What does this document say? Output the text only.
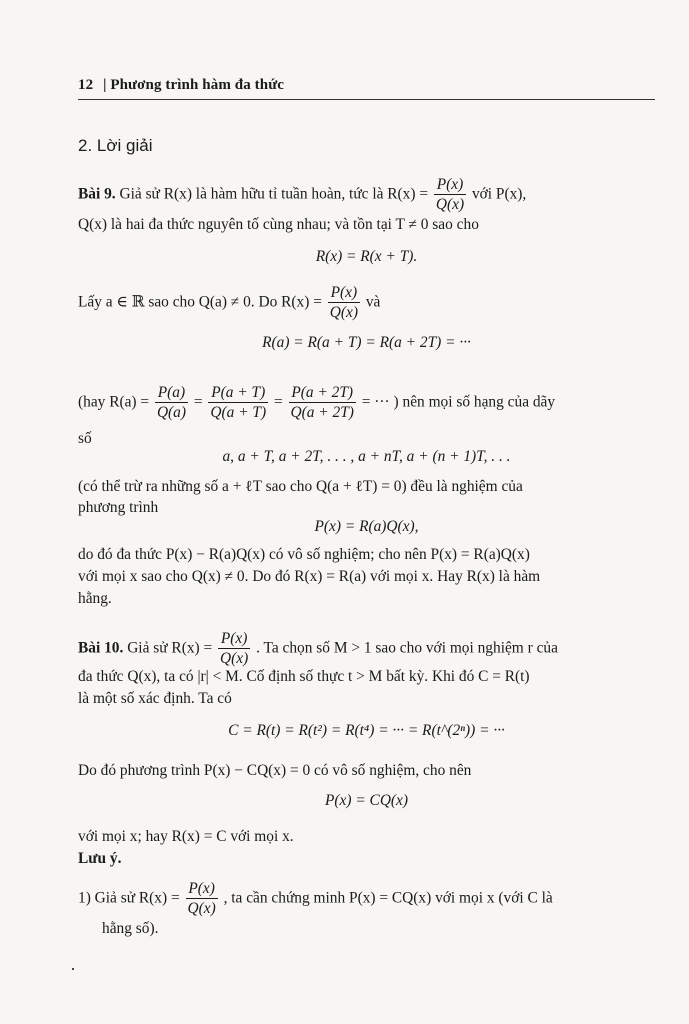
12 | Phương trình hàm đa thức
2. Lời giải
Bài 9. Giả sử R(x) là hàm hữu tỉ tuần hoàn, tức là $R(x) = \frac{P(x)}{Q(x)}$ với P(x),
Q(x) là hai đa thức nguyên tố cùng nhau; và tồn tại T ≠ 0 sao cho
R(x) = R(x + T).
Lấy a ∈ ℝ sao cho Q(a) ≠ 0. Do $R(x) = \frac{P(x)}{Q(x)}$ và
R(a) = R(a + T) = R(a + 2T) = ···
(hay $R(a) = \frac{P(a)}{Q(a)} = \frac{P(a + T)}{Q(a + T)} = \frac{P(a + 2T)}{Q(a + 2T)}$ = ··· ) nên mọi số hạng của dãy
số
a, a + T, a + 2T, . . . , a + nT, a + (n + 1)T, . . .
(có thể trừ ra những số a + ℓT sao cho Q(a + ℓT) = 0) đều là nghiệm của
phương trình
P(x) = R(a)Q(x),
do đó đa thức P(x) − R(a)Q(x) có vô số nghiệm; cho nên P(x) = R(a)Q(x)
với mọi x sao cho Q(x) ≠ 0. Do đó R(x) = R(a) với mọi x. Hay R(x) là hàm
hằng.
Bài 10. Giả sử $R(x) = \frac{P(x)}{Q(x)}$ . Ta chọn số M > 1 sao cho với mọi nghiệm r của
đa thức Q(x), ta có |r| < M. Cố định số thực t > M bất kỳ. Khi đó C = R(t)
là một số xác định. Ta có
C = R(t) = R(t²) = R(t⁴) = ··· = R(t^(2ⁿ)) = ···
Do đó phương trình P(x) − CQ(x) = 0 có vô số nghiệm, cho nên
P(x) = CQ(x)
với mọi x; hay R(x) = C với mọi x.
Lưu ý.
1) Giả sử $R(x) = \frac{P(x)}{Q(x)}$ , ta cần chứng minh P(x) = CQ(x) với mọi x (với C là
hằng số).
